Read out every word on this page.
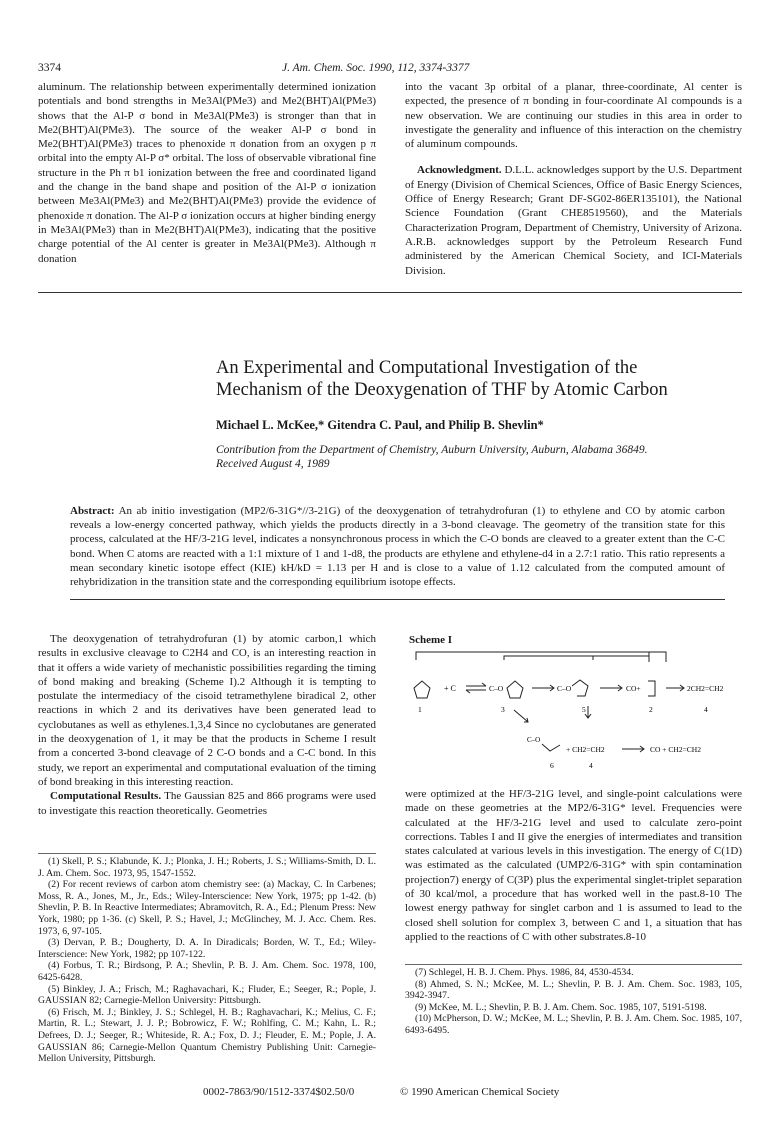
3374	J. Am. Chem. Soc. 1990, 112, 3374-3377

aluminum. The relationship between experimentally determined ionization potentials and bond strengths in Me3Al(PMe3) and Me2(BHT)Al(PMe3) shows that the Al-P σ bond in Me3Al(PMe3) is stronger than that in Me2(BHT)Al(PMe3). The source of the weaker Al-P σ bond in Me2(BHT)Al(PMe3) traces to phenoxide π donation from an oxygen p π orbital into the empty Al-P σ* orbital. The loss of observable vibrational fine structure in the Ph π b1 ionization between the free and coordinated ligand and the change in the band shape and position of the Al-P σ ionization between Me3Al(PMe3) and Me2(BHT)Al(PMe3) provide the evidence of phenoxide π donation. The Al-P σ ionization occurs at higher binding energy in Me3Al(PMe3) than in Me2(BHT)Al(PMe3), indicating that the positive charge potential of the Al center is greater in Me3Al(PMe3). Although π donation

into the vacant 3p orbital of a planar, three-coordinate, Al center is expected, the presence of π bonding in four-coordinate Al compounds is a new observation. We are continuing our studies in this area in order to investigate the generality and influence of this interaction on the chemistry of aluminum compounds.

Acknowledgment. D.L.L. acknowledges support by the U.S. Department of Energy (Division of Chemical Sciences, Office of Basic Energy Sciences, Office of Energy Research; Grant DF-SG02-86ER135101), the National Science Foundation (Grant CHE8519560), and the Materials Characterization Program, Department of Chemistry, University of Arizona. A.R.B. acknowledges support by the Petroleum Research Fund administered by the American Chemical Society, and ICI-Materials Division.

An Experimental and Computational Investigation of the
Mechanism of the Deoxygenation of THF by Atomic Carbon
Michael L. McKee,* Gitendra C. Paul, and Philip B. Shevlin*
Contribution from the Department of Chemistry, Auburn University, Auburn, Alabama 36849.
Received August 4, 1989
Abstract: An ab initio investigation (MP2/6-31G*//3-21G) of the deoxygenation of tetrahydrofuran (1) to ethylene and CO by atomic carbon reveals a low-energy concerted pathway, which yields the products directly in a 3-bond cleavage. The geometry of the transition state for this process, calculated at the HF/3-21G level, indicates a nonsynchronous process in which the C-O bonds are cleaved to a greater extent than the C-C bond. When C atoms are reacted with a 1:1 mixture of 1 and 1-d8, the products are ethylene and ethylene-d4 in a 2.7:1 ratio. This ratio represents a mean secondary kinetic isotope effect (KIE) kH/kD = 1.13 per H and is close to a value of 1.12 calculated from the computed amount of rehybridization in the transition state and the corresponding equilibrium isotope effects.

The deoxygenation of tetrahydrofuran (1) by atomic carbon,1 which results in exclusive cleavage to C2H4 and CO, is an interesting reaction in that it offers a wide variety of mechanistic possibilities regarding the timing of bond making and breaking (Scheme I).2 Although it is tempting to postulate the intermediacy of the cisoid tetramethylene biradical 2, other reactions in which 2 and its derivatives have been generated lead to cyclobutanes as well as ethylenes.1,3,4 Since no cyclobutanes are generated in the deoxygenation of 1, it may be that the products in Scheme I result from a concerted 3-bond cleavage of 2 C-O bonds and a C-C bond. In this study, we report an experimental and computational evaluation of the timing of bond breaking in this interesting reaction.

Computational Results. The Gaussian 825 and 866 programs were used to investigate this reaction theoretically. Geometries

(1) Skell, P. S.; Klabunde, K. J.; Plonka, J. H.; Roberts, J. S.; Williams-Smith, D. L. J. Am. Chem. Soc. 1973, 95, 1547-1552.

(2) For recent reviews of carbon atom chemistry see: (a) Mackay, C. In Carbenes; Moss, R. A., Jones, M., Jr., Eds.; Wiley-Interscience: New York, 1975; pp 1-42. (b) Shevlin, P. B. In Reactive Intermediates; Abramovitch, R. A., Ed.; Plenum Press: New York, 1980; pp 1-36. (c) Skell, P. S.; Havel, J.; McGlinchey, M. J. Acc. Chem. Res. 1973, 6, 97-105.

(3) Dervan, P. B.; Dougherty, D. A. In Diradicals; Borden, W. T., Ed.; Wiley-Interscience: New York, 1982; pp 107-122.

(4) Forbus, T. R.; Birdsong, P. A.; Shevlin, P. B. J. Am. Chem. Soc. 1978, 100, 6425-6428.

(5) Binkley, J. A.; Frisch, M.; Raghavachari, K.; Fluder, E.; Seeger, R.; Pople, J. GAUSSIAN 82; Carnegie-Mellon University: Pittsburgh.

(6) Frisch, M. J.; Binkley, J. S.; Schlegel, H. B.; Raghavachari, K.; Melius, C. F.; Martin, R. L.; Stewart, J. J. P.; Bobrowicz, F. W.; Rohlfing, C. M.; Kahn, L. R.; Defrees, D. J.; Seeger, R.; Whiteside, R. A.; Fox, D. J.; Fleuder, E. M.; Pople, J. A. GAUSSIAN 86; Carnegie-Mellon Quantum Chemistry Publishing Unit: Carnegie-Mellon University, Pittsburgh.

Scheme I
+ C	C–O	C–O	CO+	2CH2=CH2
1	3	5	2	4
C–O
+ CH2=CH2	CO + CH2=CH2
6	4

were optimized at the HF/3-21G level, and single-point calculations were made on these geometries at the MP2/6-31G* level. Frequencies were calculated at the HF/3-21G level and used to calculate zero-point corrections. Tables I and II give the energies of intermediates and transition states calculated at various levels in this investigation. The energy of C(1D) was estimated as the calculated (UMP2/6-31G* with spin contamination projection7) energy of C(3P) plus the experimental singlet-triplet separation of 30 kcal/mol, a procedure that has worked well in the past.8-10 The lowest energy pathway for singlet carbon and 1 is assumed to lead to the closed shell solution for complex 3, between C and 1, a situation that has applied to the reactions of C with other substrates.8-10

(7) Schlegel, H. B. J. Chem. Phys. 1986, 84, 4530-4534.

(8) Ahmed, S. N.; McKee, M. L.; Shevlin, P. B. J. Am. Chem. Soc. 1983, 105, 3942-3947.

(9) McKee, M. L.; Shevlin, P. B. J. Am. Chem. Soc. 1985, 107, 5191-5198.

(10) McPherson, D. W.; McKee, M. L.; Shevlin, P. B. J. Am. Chem. Soc. 1985, 107, 6493-6495.

0002-7863/90/1512-3374$02.50/0	© 1990 American Chemical Society
